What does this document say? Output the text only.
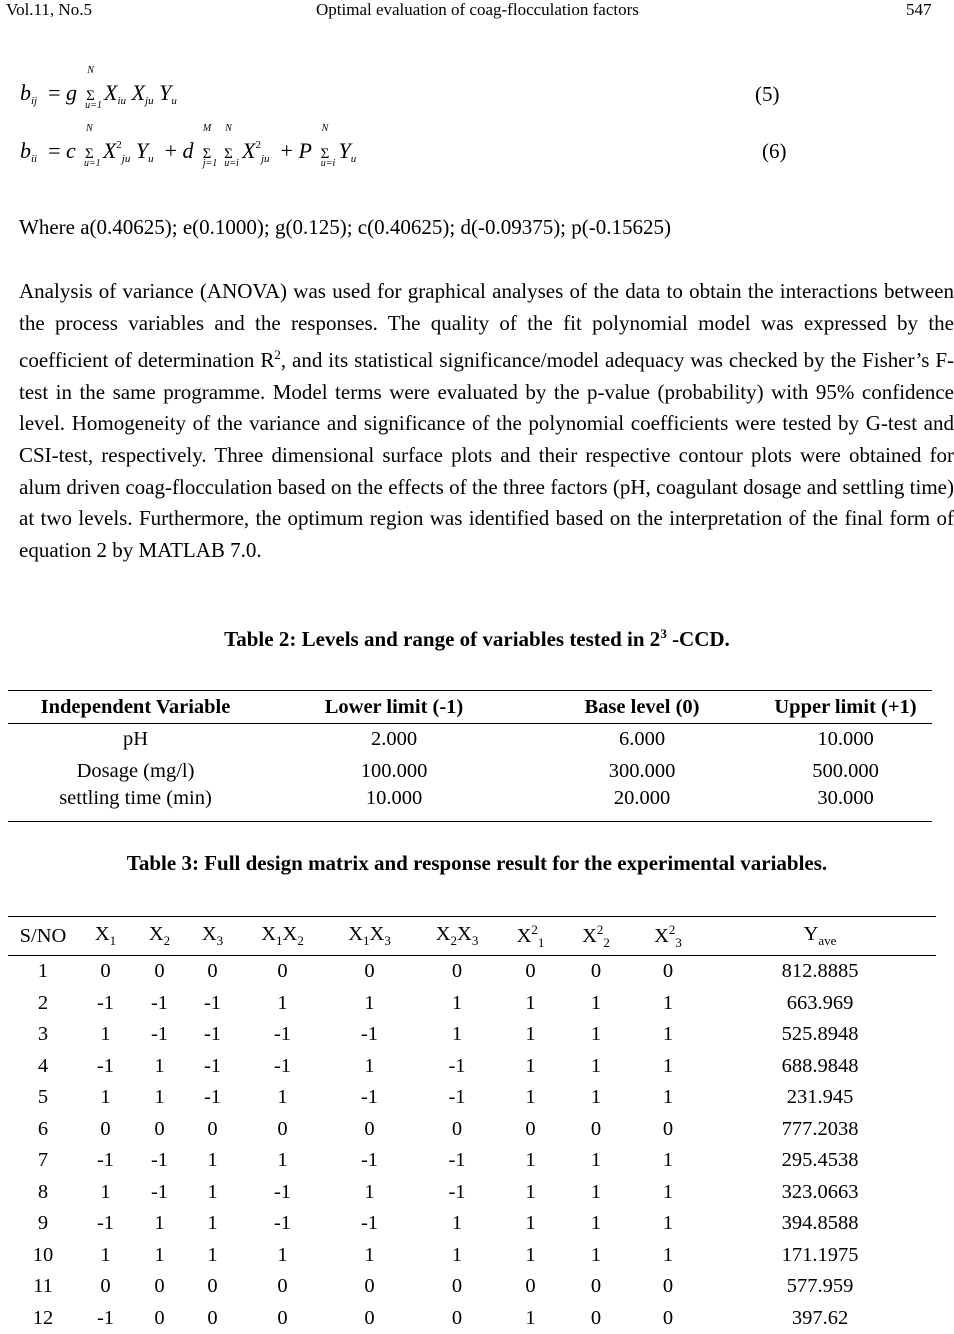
Vol.11, No.5	Optimal evaluation of coag-flocculation factors	547
$b_{ij} = g$
N
Σ
u=1
$X_{iu}$ $X_{ju}$ $Y_u$	(5)
$b_{ii} = c$
N
Σ
u=1
$X^2_{ju}$ $Y_u + d$
M
Σ
j=1

N
Σ
u=i
$X^2_{ju} + P$
N
Σ
u=i
$Y_u$	(6)

Where a(0.40625); e(0.1000); g(0.125); c(0.40625); d(-0.09375); p(-0.15625)

Analysis of variance (ANOVA) was used for graphical analyses of the data to obtain the interactions between the process variables and the responses. The quality of the fit polynomial model was expressed by the coefficient of determination $R^2$, and its statistical significance/model adequacy was checked by the Fisher’s F-test in the same programme. Model terms were evaluated by the p-value (probability) with 95% confidence level. Homogeneity of the variance and significance of the polynomial coefficients were tested by G-test and CSI-test, respectively. Three dimensional surface plots and their respective contour plots were obtained for alum driven coag-flocculation based on the effects of the three factors (pH, coagulant dosage and settling time) at two levels. Furthermore, the optimum region was identified based on the interpretation of the final form of equation 2 by MATLAB 7.0.

Table 2: Levels and range of variables tested in $2^3$ -CCD.
Independent Variable	Lower limit (-1)	Base level (0)	Upper limit (+1)
pH	2.000	6.000	10.000
Dosage (mg/l)	100.000	300.000	500.000
settling time (min)	10.000	20.000	30.000
Table 3: Full design matrix and response result for the experimental variables.
S/NO	$X_1$	$X_2$	$X_3$	$X_1X_2$	$X_1X_3$	$X_2X_3$	$X^2_1$	$X^2_2$	$X^2_3$	$Y_{ave}$
1	0	0	0	0	0	0	0	0	0	812.8885
2	-1	-1	-1	1	1	1	1	1	1	663.969
3	1	-1	-1	-1	-1	1	1	1	1	525.8948
4	-1	1	-1	-1	1	-1	1	1	1	688.9848
5	1	1	-1	1	-1	-1	1	1	1	231.945
6	0	0	0	0	0	0	0	0	0	777.2038
7	-1	-1	1	1	-1	-1	1	1	1	295.4538
8	1	-1	1	-1	1	-1	1	1	1	323.0663
9	-1	1	1	-1	-1	1	1	1	1	394.8588
10	1	1	1	1	1	1	1	1	1	171.1975
11	0	0	0	0	0	0	0	0	0	577.959
12	-1	0	0	0	0	0	1	0	0	397.62
